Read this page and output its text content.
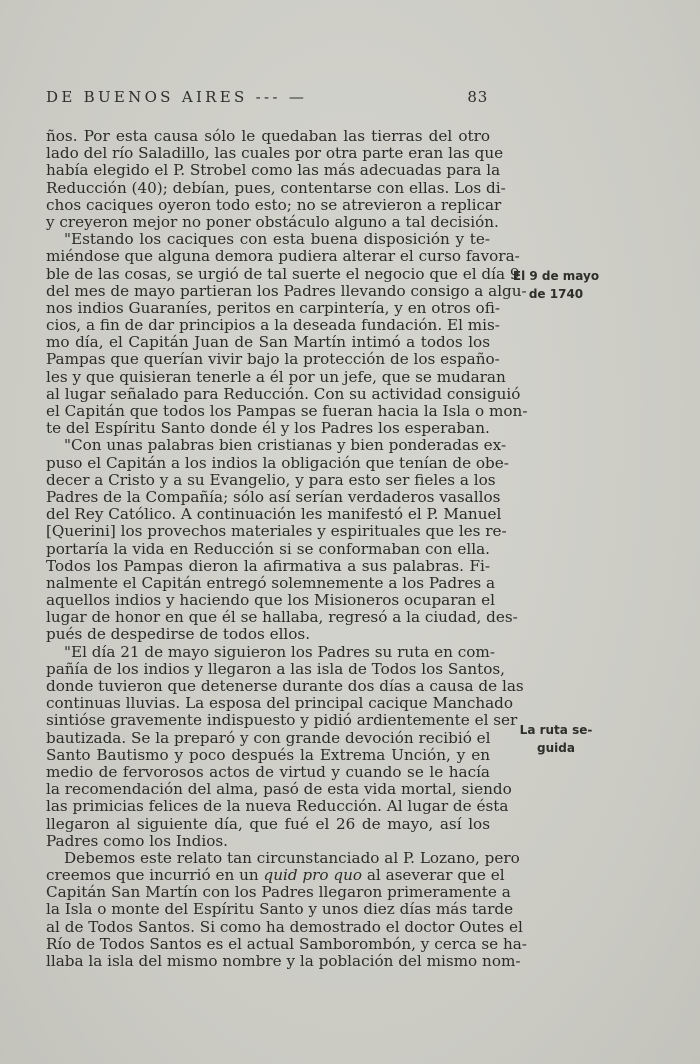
DE BUENOS AIRES --- —	83
ños. Por esta causa sólo le quedaban las tierras del otro
lado del río Saladillo, las cuales por otra parte eran las que
había elegido el P. Strobel como las más adecuadas para la
Reducción (40); debían, pues, contentarse con ellas. Los di-
chos caciques oyeron todo esto; no se atrevieron a replicar
y creyeron mejor no poner obstáculo alguno a tal decisión.
"Estando los caciques con esta buena disposición y te-
miéndose que alguna demora pudiera alterar el curso favora-
ble de las cosas, se urgió de tal suerte el negocio que el día 9
del mes de mayo partieran los Padres llevando consigo a algu-
nos indios Guaraníes, peritos en carpintería, y en otros ofi-
cios, a fin de dar principios a la deseada fundación. El mis-
mo día, el Capitán Juan de San Martín intimó a todos los
Pampas que querían vivir bajo la protección de los españo-
les y que quisieran tenerle a él por un jefe, que se mudaran
al lugar señalado para Reducción. Con su actividad consiguió
el Capitán que todos los Pampas se fueran hacia la Isla o mon-
te del Espíritu Santo donde él y los Padres los esperaban.
"Con unas palabras bien cristianas y bien ponderadas ex-
puso el Capitán a los indios la obligación que tenían de obe-
decer a Cristo y a su Evangelio, y para esto ser fieles a los
Padres de la Compañía; sólo así serían verdaderos vasallos
del Rey Católico. A continuación les manifestó el P. Manuel
[Querini] los provechos materiales y espirituales que les re-
portaría la vida en Reducción si se conformaban con ella.
Todos los Pampas dieron la afirmativa a sus palabras. Fi-
nalmente el Capitán entregó solemnemente a los Padres a
aquellos indios y haciendo que los Misioneros ocuparan el
lugar de honor en que él se hallaba, regresó a la ciudad, des-
pués de despedirse de todos ellos.
"El día 21 de mayo siguieron los Padres su ruta en com-
pañía de los indios y llegaron a las isla de Todos los Santos,
donde tuvieron que detenerse durante dos días a causa de las
continuas lluvias. La esposa del principal cacique Manchado
sintióse gravemente indispuesto y pidió ardientemente el ser
bautizada. Se la preparó y con grande devoción recibió el
Santo Bautismo y poco después la Extrema Unción, y en
medio de fervorosos actos de virtud y cuando se le hacía
la recomendación del alma, pasó de esta vida mortal, siendo
las primicias felices de la nueva Reducción. Al lugar de ésta
llegaron al siguiente día, que fué el 26 de mayo, así los
Padres como los Indios.
Debemos este relato tan circunstanciado al P. Lozano, pero
creemos que incurrió en un quid pro quo al aseverar que el
Capitán San Martín con los Padres llegaron primeramente a
la Isla o monte del Espíritu Santo y unos diez días más tarde
al de Todos Santos. Si como ha demostrado el doctor Outes el
Río de Todos Santos es el actual Samborombón, y cerca se ha-
llaba la isla del mismo nombre y la población del mismo nom-
El 9 de mayo
de 1740
La ruta se-
guida
